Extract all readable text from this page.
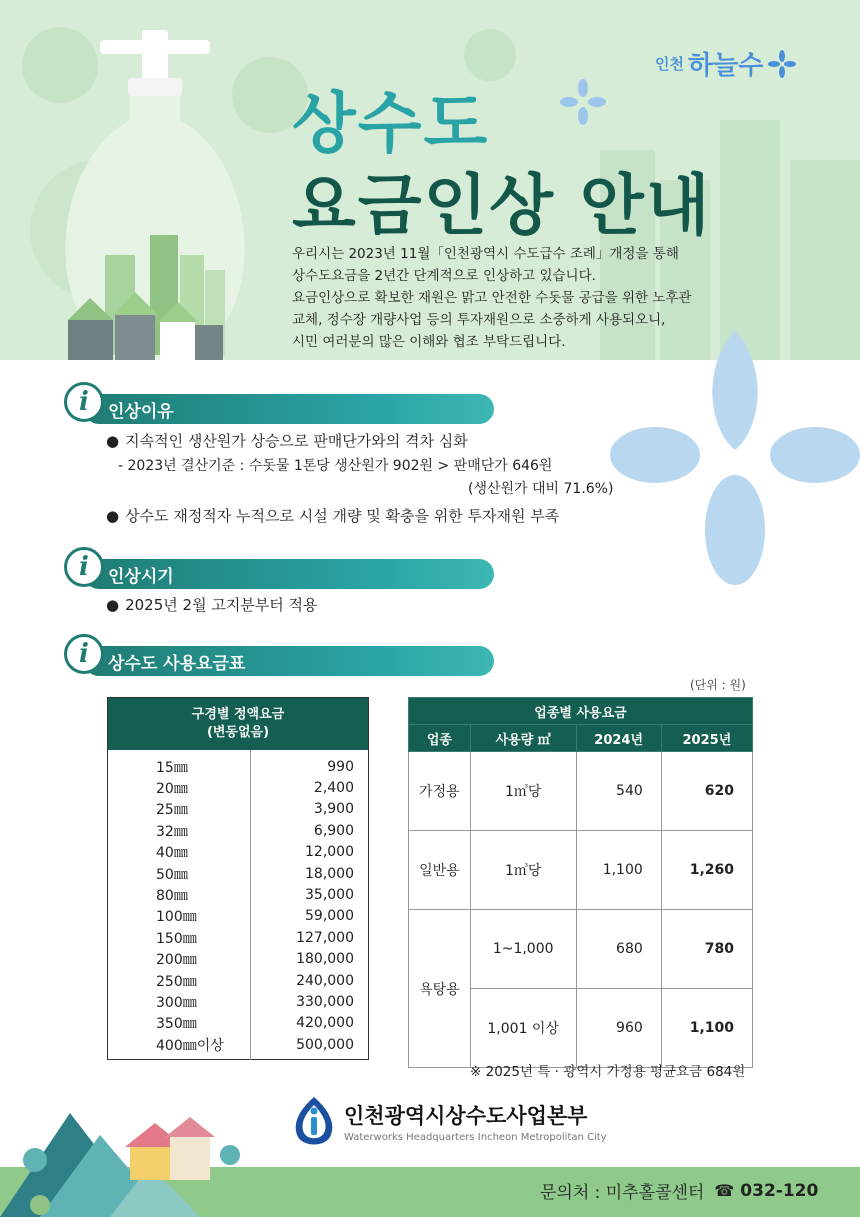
인천 하늘수
상수도
요금인상 안내
우리시는 2023년 11월「인천광역시 수도급수 조례」개정을 통해
상수도요금을 2년간 단계적으로 인상하고 있습니다.
요금인상으로 확보한 재원은 맑고 안전한 수돗물 공급을 위한 노후관
교체, 정수장 개량사업 등의 투자재원으로 소중하게 사용되오니,
시민 여러분의 많은 이해와 협조 부탁드립니다.
i	인상이유
● 지속적인 생산원가 상승으로 판매단가와의 격차 심화
- 2023년 결산기준 : 수돗물 1톤당 생산원가 902원 > 판매단가 646원
(생산원가 대비 71.6%)
● 상수도 재정적자 누적으로 시설 개량 및 확충을 위한 투자재원 부족
i	인상시기
● 2025년 2월 고지분부터 적용
i	상수도 사용요금표
(단위 : 원)
구경별 정액요금
(변동없음)	

15㎜	990
20㎜	2,400
25㎜	3,900
32㎜	6,900
40㎜	12,000
50㎜	18,000
80㎜	35,000
100㎜	59,000
150㎜	127,000
200㎜	180,000
250㎜	240,000
300㎜	330,000
350㎜	420,000
400㎜이상	500,000
업종별 사용요금			
업종	사용량 ㎥	2024년	2025년
가정용	1㎥당	540	620
일반용	1㎥당	1,100	1,260
욕탕용	1~1,000	680	780
	1,001 이상	960	1,100
※ 2025년 특 · 광역시 가정용 평균요금 684원
인천광역시상수도사업본부
Waterworks Headquarters Incheon Metropolitan City
문의처 : 미추홀콜센터 ☎ 032-120
